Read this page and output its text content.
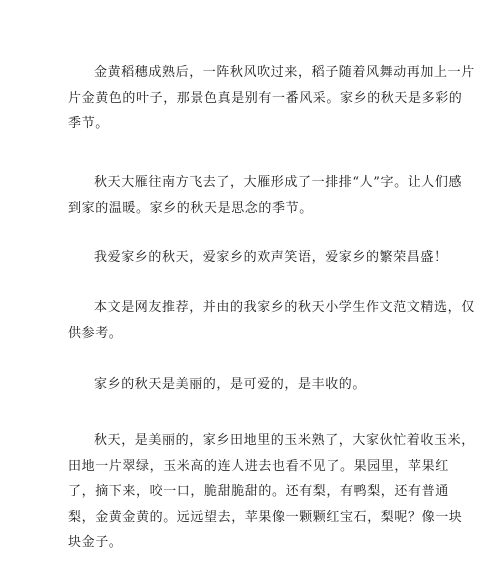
金黄稻穗成熟后，一阵秋风吹过来，稻子随着风舞动再加上一片
片金黄色的叶子，那景色真是别有一番风采。家乡的秋天是多彩的
季节。
秋天大雁往南方飞去了，大雁形成了一排排“人”字。让人们感
到家的温暖。家乡的秋天是思念的季节。
我爱家乡的秋天，爱家乡的欢声笑语，爱家乡的繁荣昌盛！
本文是网友推荐，并由的我家乡的秋天小学生作文范文精选，仅
供参考。
家乡的秋天是美丽的，是可爱的，是丰收的。
秋天，是美丽的，家乡田地里的玉米熟了，大家伙忙着收玉米，
田地一片翠绿，玉米高的连人进去也看不见了。果园里，苹果红
了，摘下来，咬一口，脆甜脆甜的。还有梨，有鸭梨，还有普通
梨，金黄金黄的。远远望去，苹果像一颗颗红宝石，梨呢？像一块
块金子。
